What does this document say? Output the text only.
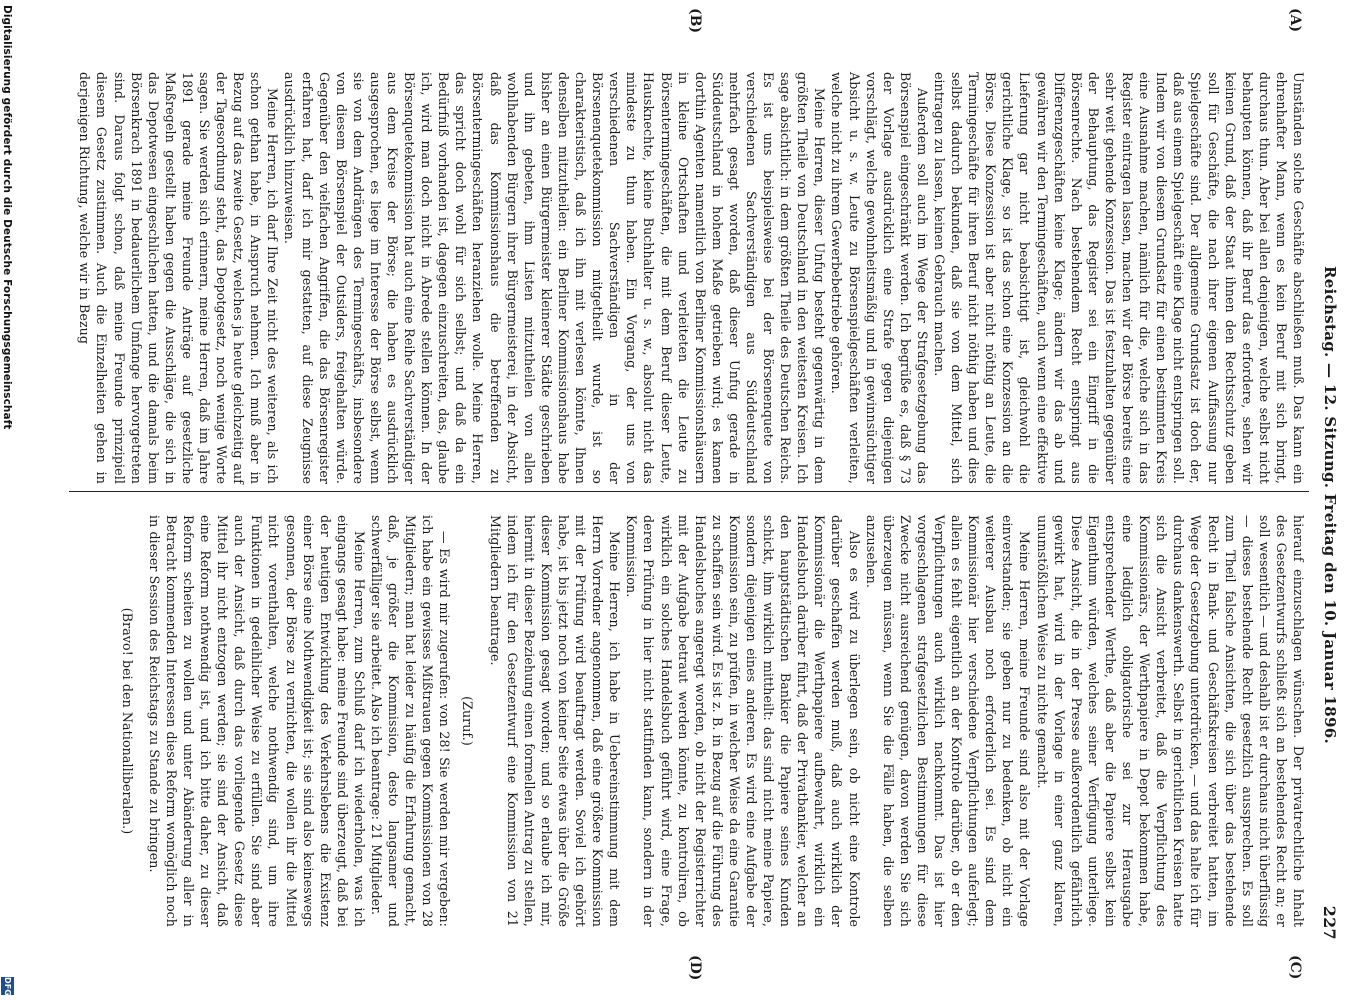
Reichstag. — 12. Sitzung. Freitag den 10. Januar 1896.
227
(A)
(B)
(C)
(D)

Umständen solche Geschäfte abschließen muß. Das kann ein ehrenhafter Mann, wenn es kein Beruf mit sich bringt, durchaus thun. Aber bei allen denjenigen, welche selbst nicht behaupten können, daß ihr Beruf das erfordere, sehen wir keinen Grund, daß der Staat ihnen den Rechtsschutz geben soll für Geschäfte, die nach ihrer eigenen Auffassung nur Spielgeschäfte sind. Der allgemeine Grundsatz ist doch der, daß aus einem Spielgeschäft eine Klage nicht entspringen soll. Indem wir von diesem Grundsatz für einen bestimmten Kreis eine Ausnahme machen, nämlich für die, welche sich in das Register eintragen lassen, machen wir der Börse bereits eine sehr weit gehende Konzession. Das ist festzuhalten gegenüber der Behauptung, das Register sei ein Eingriff in die Börsenrechte. Nach bestehendem Recht entspringt aus Differenzgeschäften keine Klage; ändern wir das ab und gewähren wir den Termingeschäften, auch wenn eine effektive Lieferung gar nicht beabsichtigt ist, gleichwohl die gerichtliche Klage, so ist das schon eine Konzession an die Börse. Diese Konzession ist aber nicht nöthig an Leute, die Termingeschäfte für ihren Beruf nicht nöthig haben und dies selbst dadurch bekunden, daß sie von dem Mittel, sich eintragen zu lassen, keinen Gebrauch machen.

Außerdem soll auch im Wege der Strafgesetzgebung das Börsenspiel eingeschränkt werden. Ich begrüße es, daß § 73 der Vorlage ausdrücklich eine Strafe gegen diejenigen vorschlägt, welche gewohnheitsmäßig und in gewinnsüchtiger Absicht u. s. w. Leute zu Börsenspielgeschäften verleiten, welche nicht zu ihrem Gewerbebetriebe gehören.

Meine Herren, dieser Unfug besteht gegenwärtig in dem größten Theile von Deutschland in den weitesten Kreisen. Ich sage absichtlich: in dem größten Theile des Deutschen Reichs. Es ist uns beispielsweise bei der Börsenenquete von verschiedenen Sachverständigen aus Süddeutschland mehrfach gesagt worden, daß dieser Unfug gerade in Süddeutschland in hohem Maße getrieben wird; es kamen dorthin Agenten namentlich von Berliner Kommissionshäusern in kleine Ortschaften und verleiteten die Leute zu Börsentermingeschäften, die mit dem Beruf dieser Leute, Hausknechte, kleine Buchhalter u. s. w., absolut nicht das mindeste zu thun haben. Ein Vorgang, der uns von verschiedenen Sachverständigen in der Börsenenquetekommission mitgetheilt wurde, ist so charakteristisch, daß ich ihn mit verlesen könnte, Ihnen denselben mitzutheilen: ein Berliner Kommissionshaus habe bisher an einen Bürgermeister kleinerer Städte geschrieben und ihn gebeten, ihm Listen mitzutheilen von allen wohlhabenden Bürgern ihrer Bürgermeisterei, in der Absicht, daß das Kommissionshaus die betreffenden zu Börsentermingeschäften heranziehen wolle. Meine Herren, das spricht doch wohl für sich selbst; und daß da ein Bedürfniß vorhanden ist, dagegen einzuschreiten, das, glaube ich, wird man doch nicht in Abrede stellen können. In der Börsenquetekommission hat auch eine Reihe Sachverständiger aus dem Kreise der Börse; die haben es ausdrücklich ausgesprochen, es liege im Interesse der Börse selbst, wenn sie von dem Andrängen des Termingeschäfts, insbesondere von diesem Börsenspiel der Outsiders, freigehalten würde. Gegenüber den vielfachen Angriffen, die das Börsenregister erfahren hat, darf ich mir gestatten, auf diese Zeugnisse ausdrücklich hinzuweisen.

Meine Herren, ich darf Ihre Zeit nicht des weiteren, als ich schon gethan habe, in Anspruch nehmen. Ich muß aber in Bezug auf das zweite Gesetz, welches ja heute gleichzeitig auf der Tagesordnung steht, das Depotgesetz, noch wenige Worte sagen. Sie werden sich erinnern, meine Herren, daß im Jahre 1891 gerade meine Freunde Anträge auf gesetzliche Maßregeln gestellt haben gegen die Ausschläge, die sich in das Depotwesen eingeschlichen hatten, und die damals beim Börsenkrach 1891 in bedauerlichem Umfange hervorgetreten sind. Daraus folgt schon, daß meine Freunde prinzipiell diesem Gesetz zustimmen. Auch die Einzelheiten gehen in derjenigen Richtung, welche wir in Bezug

hierauf einzuschlagen wünschen. Der privatrechtliche Inhalt des Gesetzentwurfs schließt sich an bestehendes Recht an; er soll wesentlich — und deshalb ist er durchaus nicht überflüssig — dieses bestehende Recht gesetzlich aussprechen. Es soll zum Theil falsche Ansichten, die sich über das bestehende Recht in Bank- und Geschäftskreisen verbreitet hatten, im Wege der Gesetzgebung unterdrücken, — und das halte ich für durchaus dankenswerth. Selbst in gerichtlichen Kreisen hatte sich die Ansicht verbreitet, daß die Verpflichtung des Kommissionärs, der Werthpapiere in Depot bekommen habe, eine lediglich obligatorische sei zur Herausgabe entsprechender Werthe, daß aber die Papiere selbst kein Eigenthum würden, welches seiner Verfügung unterliege. Diese Ansicht, die in der Presse außerordentlich gefährlich gewirkt hat, wird in der Vorlage in einer ganz klaren, unumstößlichen Weise zu nichte gemacht.

Meine Herren, meine Freunde sind also mit der Vorlage einverstanden; sie geben nur zu bedenken, ob nicht ein weiterer Ausbau noch erforderlich sei. Es sind dem Kommissionär hier verschiedene Verpflichtungen auferlegt; allein es fehlt eigentlich an der Kontrole darüber, ob er den Verpflichtungen auch wirklich nachkommt. Das ist hier vorgeschlagenen strafgesetzlichen Bestimmungen für diese Zwecke nicht ausreichend genügen, davon werden Sie sich überzeugen müssen, wenn Sie die Fälle haben, die selben anzusehen.

Also es wird zu überlegen sein, ob nicht eine Kontrole darüber geschaffen werden muß, daß auch wirklich der Kommissionär die Werthpapiere aufbewahrt, wirklich ein Handelsbuch darüber führt, daß der Privatbankier, welcher an den hauptstädtischen Bankier die Papiere seines Kunden schickt, ihm wirklich mittheilt: das sind nicht meine Papiere, sondern diejenigen eines anderen. Es wird eine Aufgabe der Kommission sein, zu prüfen, in welcher Weise da eine Garantie zu schaffen sein wird. Es ist z. B. in Bezug auf die Führung des Handelsbuches angeregt worden, ob nicht der Registerrichter mit der Aufgabe betraut werden könnte, zu kontroliren, ob wirklich ein solches Handelsbuch geführt wird, eine Frage, deren Prüfung in hier nicht stattfinden kann, sondern in der Kommission.

Meine Herren, ich habe in Uebereinstimmung mit dem Herrn Vorredner angenommen, daß eine größere Kommission mit der Prüfung wird beauftragt werden. Soviel ich gehört habe, ist bis jetzt noch von keiner Seite etwas über die Größe dieser Kommission gesagt worden; und so erlaube ich mir, hiermit in dieser Beziehung einen formellen Antrag zu stellen, indem ich für den Gesetzentwurf eine Kommission von 21 Mitgliedern beantrage.

(Zuruf.)

— Es wird mir zugerufen: von 28! Sie werden mir vergeben: ich habe ein gewisses Mißtrauen gegen Kommissionen von 28 Mitgliedern; man hat leider zu häufig die Erfahrung gemacht, daß, je größer die Kommission, desto langsamer und schwerfälliger sie arbeitet. Also ich beantrage: 21 Mitglieder.

Meine Herren, zum Schluß darf ich wiederholen, was ich eingangs gesagt habe: meine Freunde sind überzeugt, daß bei der heutigen Entwicklung des Verkehrslebens die Existenz einer Börse eine Nothwendigkeit ist; sie sind also keineswegs gesonnen, der Börse zu vernichten, die wollen ihr die Mittel nicht vorenthalten, welche nothwendig sind, um ihre Funktionen in gedeihlicher Weise zu erfüllen. Sie sind aber auch der Ansicht, daß durch das vorliegende Gesetz diese Mittel ihr nicht entzogen werden; sie sind der Ansicht, daß eine Reform nothwendig ist, und ich bitte daher, zu dieser Reform scheiten zu wollen und unter Abänderung aller in Betracht kommenden Interessen diese Reform womöglich noch in dieser Session des Reichstags zu Stande zu bringen.

(Bravo! bei den Nationalliberalen.)

Digitalisierung gefördert durch die Deutsche Forschungsgemeinschaft
DFG
